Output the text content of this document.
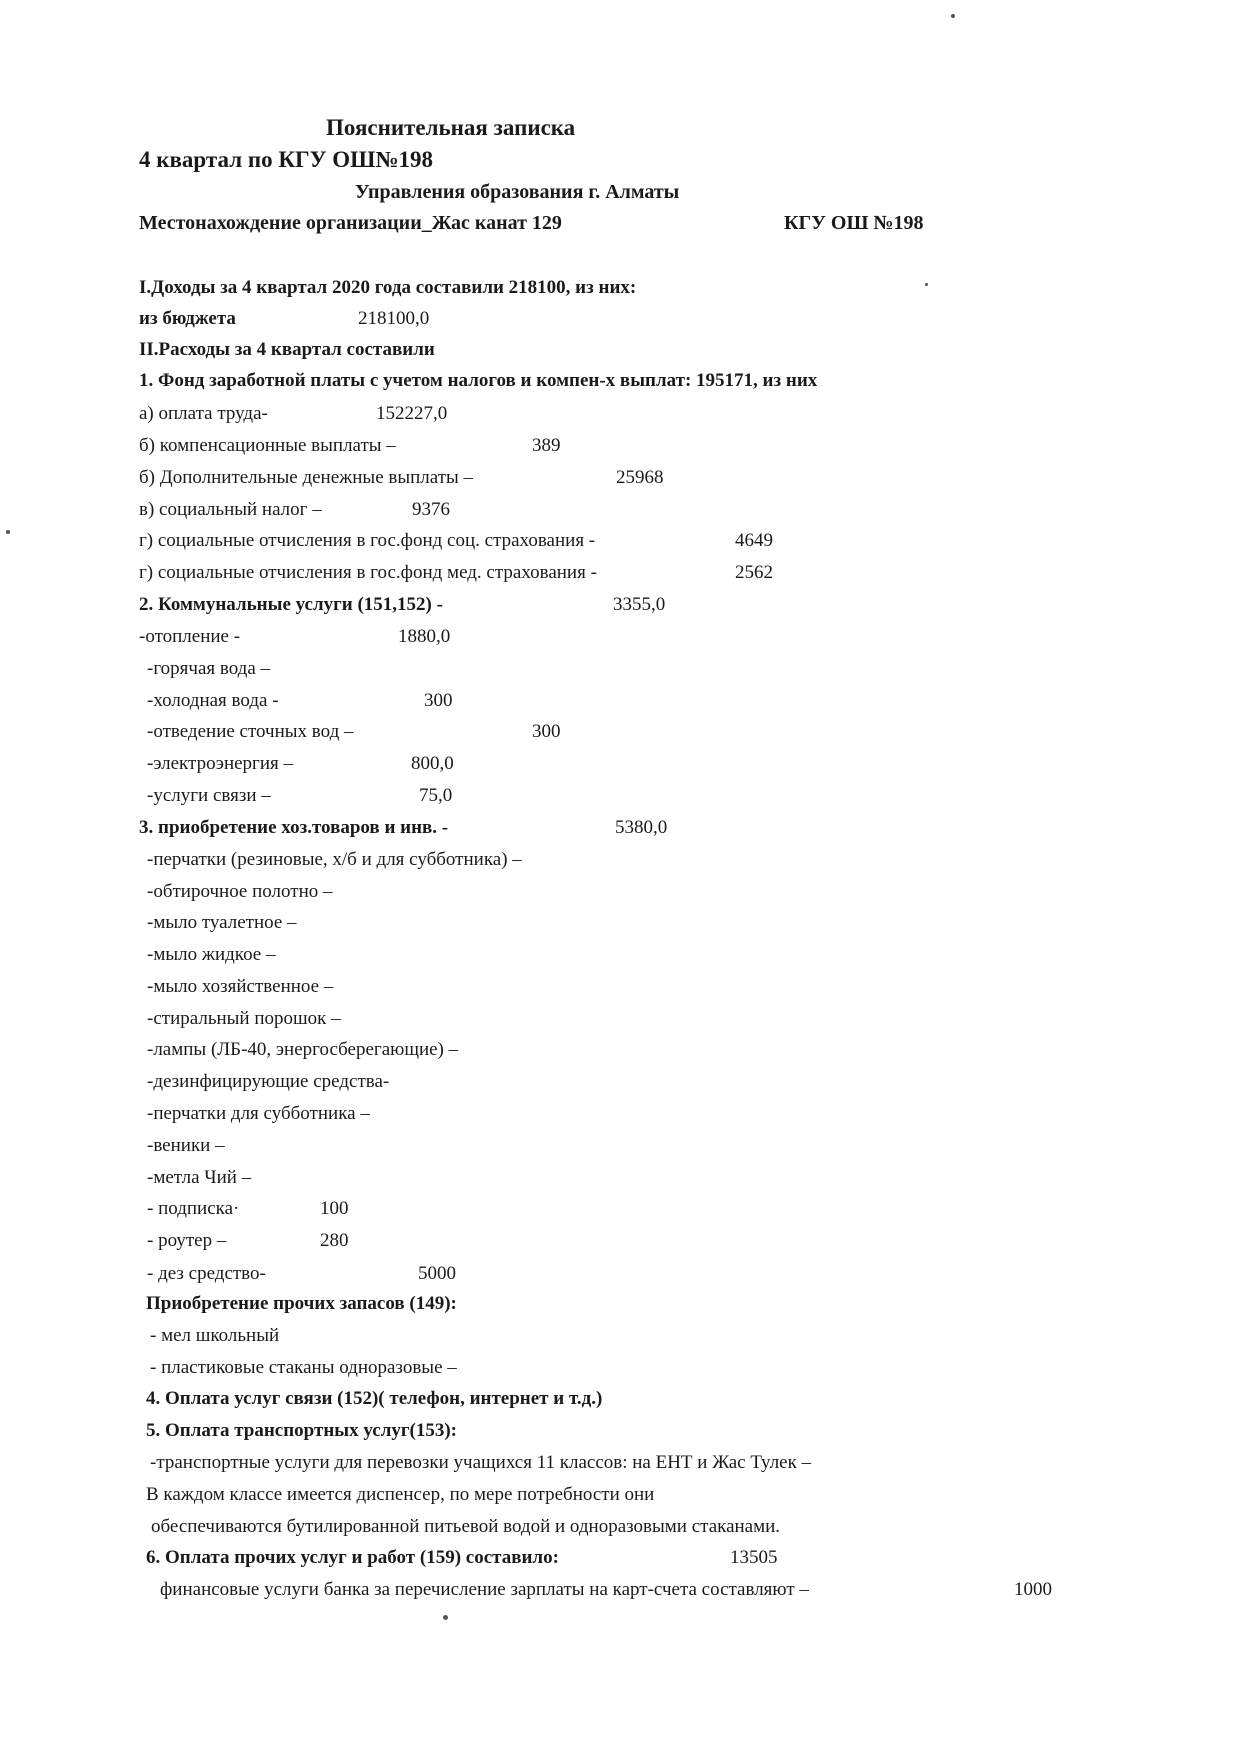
Пояснительная записка
4 квартал по КГУ ОШ№198
Управления образования г. Алматы
Местонахождение организации_Жас канат 129	КГУ ОШ №198
I.Доходы за 4 квартал 2020 года составили 218100, из них:
из бюджета	218100,0
II.Расходы за 4 квартал составили
1. Фонд заработной платы с учетом налогов и компен-х выплат: 195171, из них
а) оплата труда-	152227,0
б) компенсационные выплаты –	389
б) Дополнительные денежные выплаты –	25968
в) социальный налог –	9376
г) социальные отчисления в гос.фонд соц. страхования -	4649
г) социальные отчисления в гос.фонд мед. страхования -	2562
2. Коммунальные услуги (151,152) -	3355,0
-отопление -	1880,0
-горячая вода –
-холодная вода -	300
-отведение сточных вод –	300
-электроэнергия –	800,0
-услуги связи –	75,0
3. приобретение хоз.товаров и инв. -	5380,0
-перчатки (резиновые, х/б и для субботника) –
-обтирочное полотно –
-мыло туалетное –
-мыло жидкое –
-мыло хозяйственное –
-стиральный порошок –
-лампы (ЛБ-40, энергосберегающие) –
-дезинфицирующие средства-
-перчатки для субботника –
-веники –
-метла Чий –
- подписка·	100
- роутер –	280
- дез средство-	5000
Приобретение прочих запасов (149):
- мел школьный
- пластиковые стаканы одноразовые –
4. Оплата услуг связи (152)( телефон, интернет и т.д.)
5. Оплата транспортных услуг(153):
-транспортные услуги для перевозки учащихся 11 классов: на ЕНТ и Жас Тулек –
В каждом классе имеется диспенсер, по мере потребности они
обеспечиваются бутилированной питьевой водой и одноразовыми стаканами.
6. Оплата прочих услуг и работ (159) составило:	13505
финансовые услуги банка за перечисление зарплаты на карт-счета составляют –	1000
